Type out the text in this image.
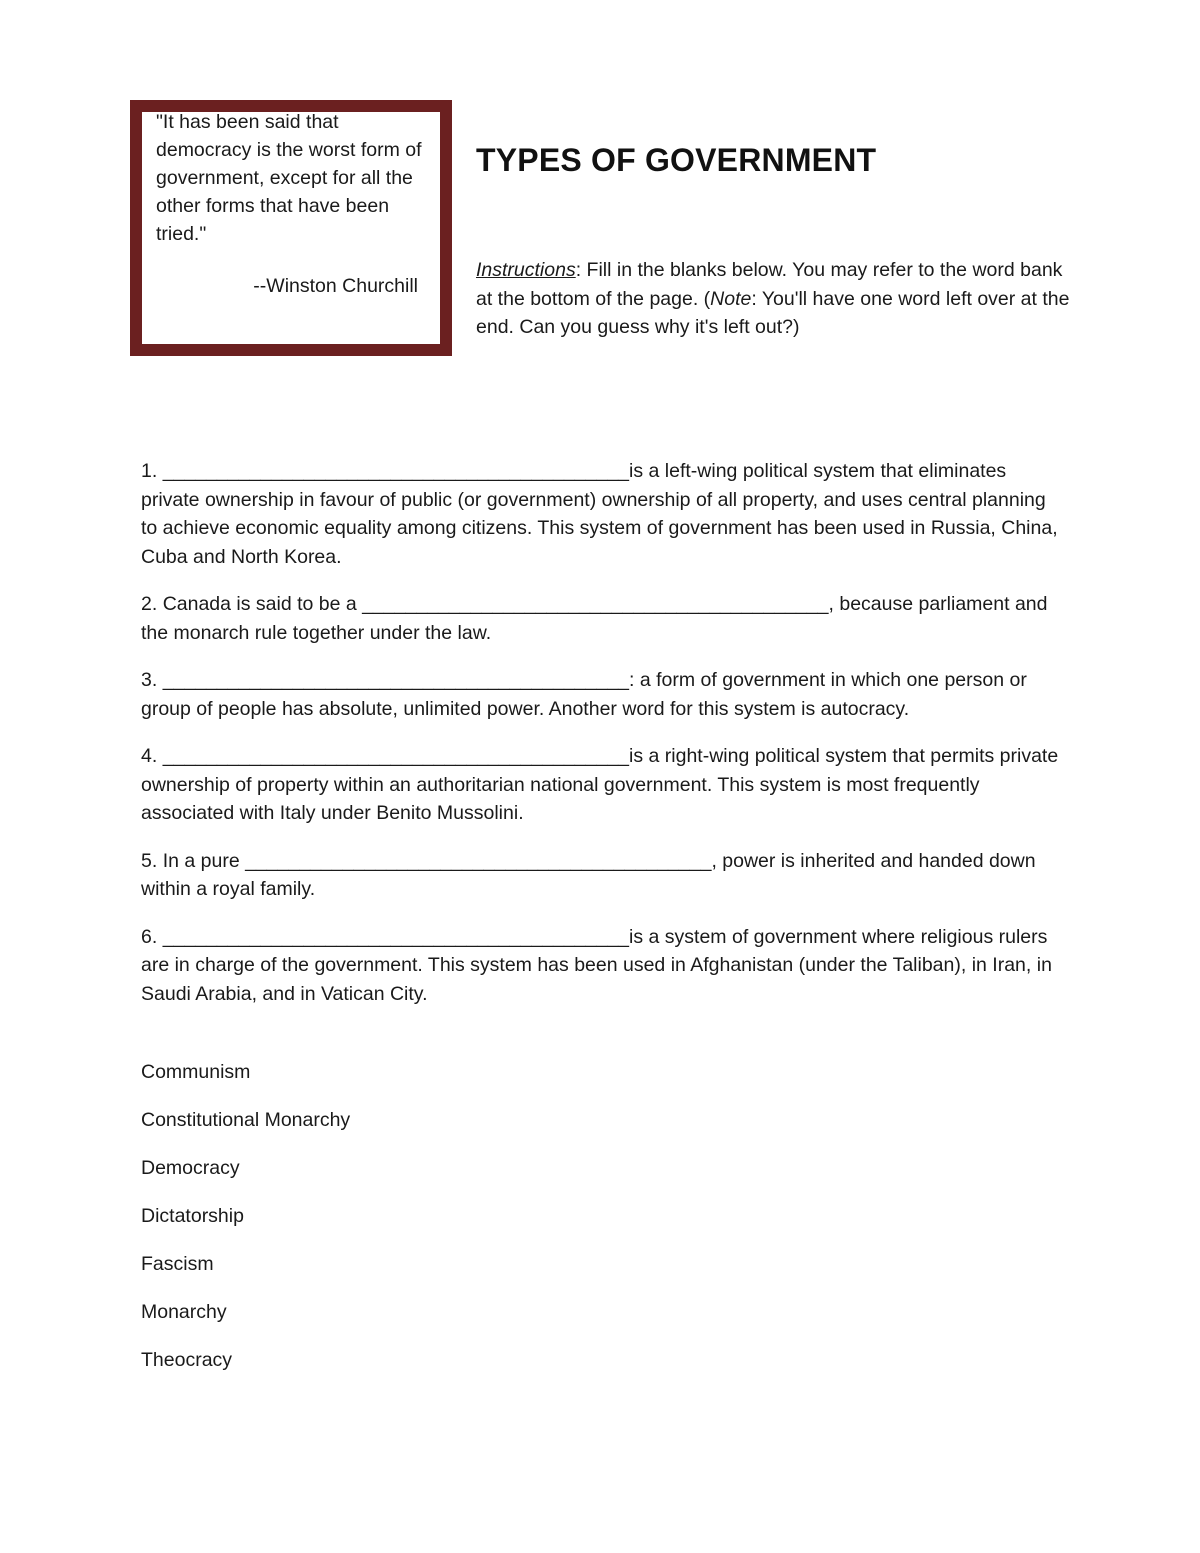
"It has been said that democracy is the worst form of government, except for all the other forms that have been tried."
--Winston Churchill
TYPES OF GOVERNMENT
Instructions: Fill in the blanks below. You may refer to the word bank at the bottom of the page. (Note: You'll have one word left over at the end. Can you guess why it's left out?)

1. ___________________________________________is a left-wing political system that eliminates private ownership in favour of public (or government) ownership of all property, and uses central planning to achieve economic equality among citizens. This system of government has been used in Russia, China, Cuba and North Korea.

2. Canada is said to be a ___________________________________________, because parliament and the monarch rule together under the law.

3. ___________________________________________: a form of government in which one person or group of people has absolute, unlimited power. Another word for this system is autocracy.

4. ___________________________________________is a right-wing political system that permits private ownership of property within an authoritarian national government. This system is most frequently associated with Italy under Benito Mussolini.

5. In a pure ___________________________________________, power is inherited and handed down within a royal family.

6. ___________________________________________is a system of government where religious rulers are in charge of the government. This system has been used in Afghanistan (under the Taliban), in Iran, in Saudi Arabia, and in Vatican City.

Communism
Constitutional Monarchy
Democracy
Dictatorship
Fascism
Monarchy
Theocracy
